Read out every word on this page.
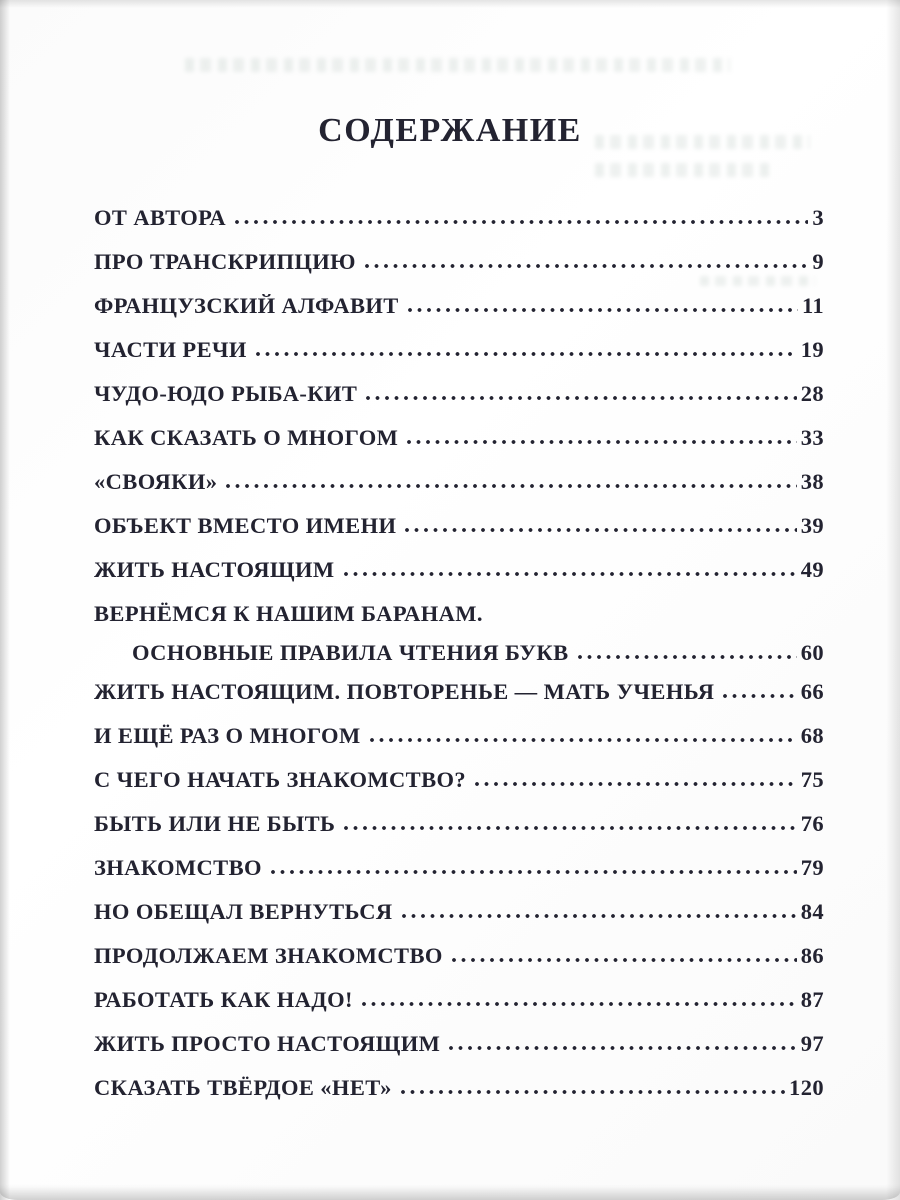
СОДЕРЖАНИЕ
ОТ АВТОРА	3
ПРО ТРАНСКРИПЦИЮ	9
ФРАНЦУЗСКИЙ АЛФАВИТ	11
ЧАСТИ РЕЧИ	19
ЧУДО-ЮДО РЫБА-КИТ	28
КАК СКАЗАТЬ О МНОГОМ	33
«СВОЯКИ»	38
ОБЪЕКТ ВМЕСТО ИМЕНИ	39
ЖИТЬ НАСТОЯЩИМ	49
ВЕРНЁМСЯ К НАШИМ БАРАНАМ.
ОСНОВНЫЕ ПРАВИЛА ЧТЕНИЯ БУКВ	60
ЖИТЬ НАСТОЯЩИМ. ПОВТОРЕНЬЕ — МАТЬ УЧЕНЬЯ	66
И ЕЩЁ РАЗ О МНОГОМ	68
С ЧЕГО НАЧАТЬ ЗНАКОМСТВО?	75
БЫТЬ ИЛИ НЕ БЫТЬ	76
ЗНАКОМСТВО	79
НО ОБЕЩАЛ ВЕРНУТЬСЯ	84
ПРОДОЛЖАЕМ ЗНАКОМСТВО	86
РАБОТАТЬ КАК НАДО!	87
ЖИТЬ ПРОСТО НАСТОЯЩИМ	97
СКАЗАТЬ ТВЁРДОЕ «НЕТ»	120
